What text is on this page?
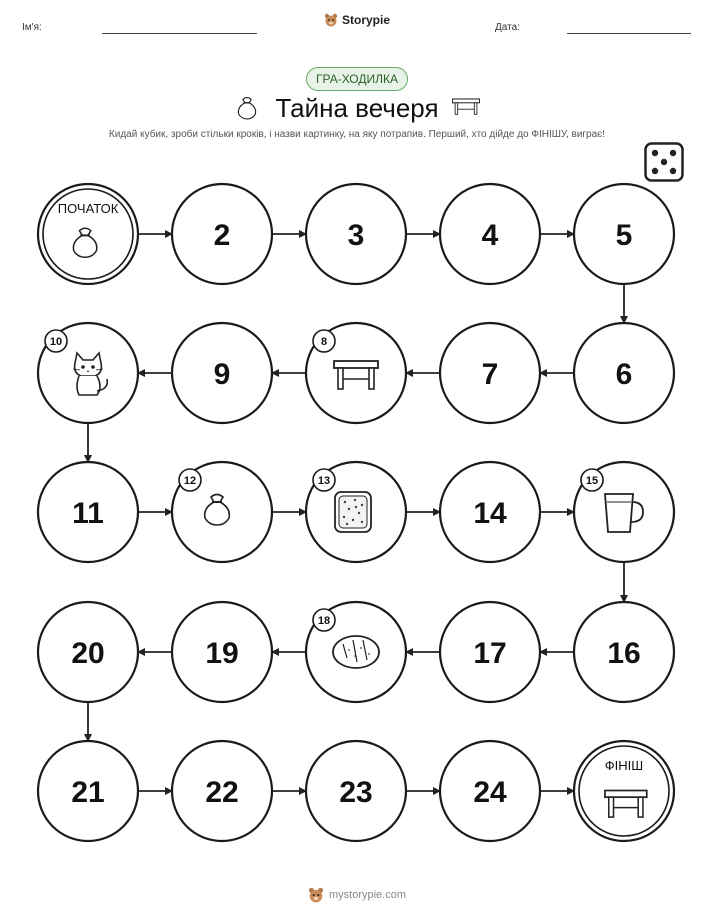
Ім'я:
Storypie
Дата:
ГРА-ХОДИЛКА
Тайна вечеря
Кидай кубик, зроби стільки кроків, і назви картинку, на яку потрапив. Перший, хто дійде до ФІНІШУ, виграє!
ПОЧАТОК
2	3	4	5
10
9
8
7	6
11
12	13
14
15
20	19
18
17	16
21	22	23	24
ФІНІШ
mystorypie.com
